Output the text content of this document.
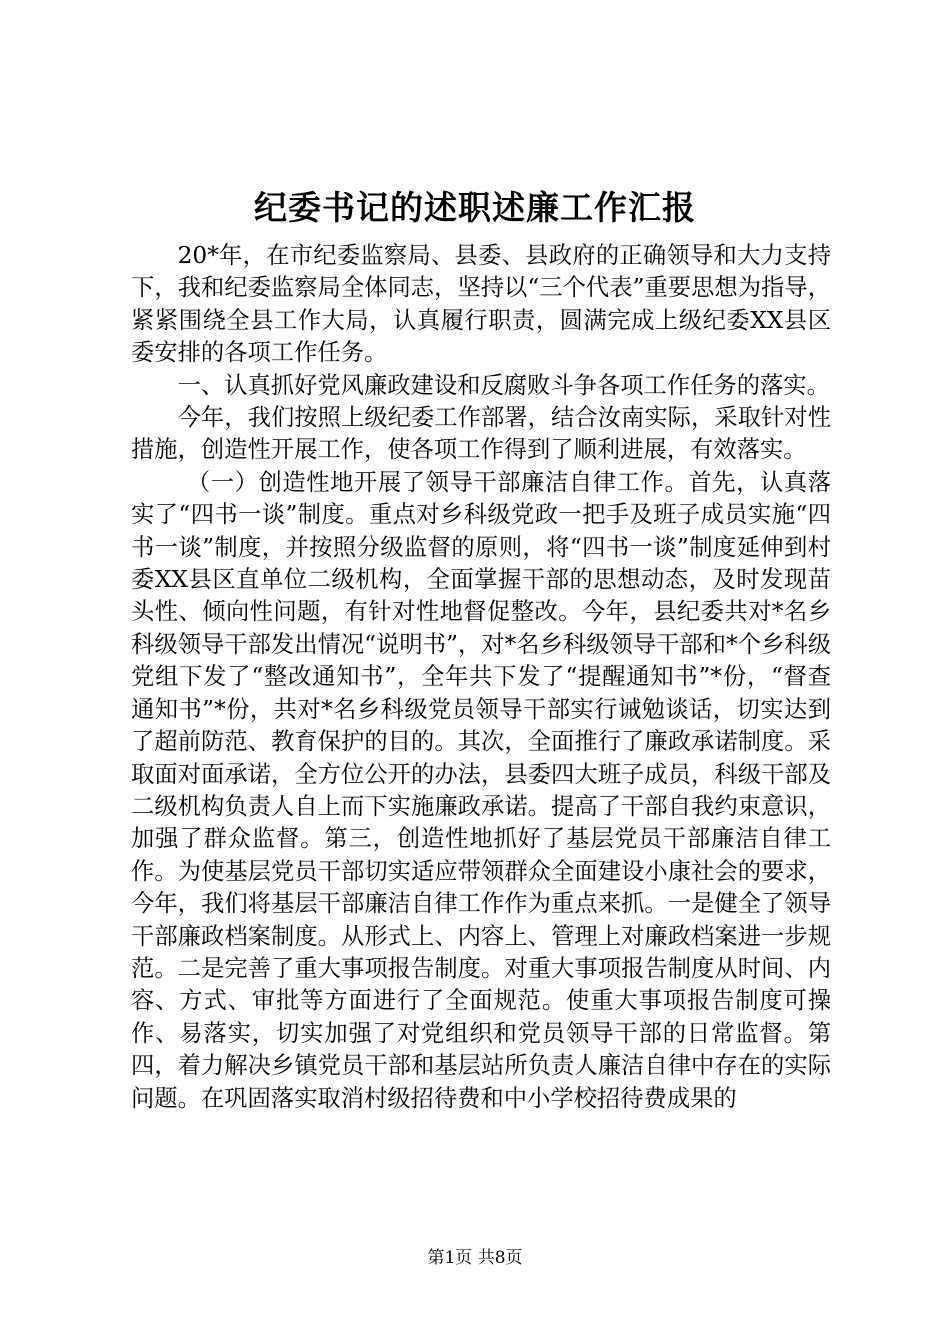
纪委书记的述职述廉工作汇报

20*年，在市纪委监察局、县委、县政府的正确领导和大力支持下，我和纪委监察局全体同志，坚持以“三个代表”重要思想为指导，紧紧围绕全县工作大局，认真履行职责，圆满完成上级纪委XX县区委安排的各项工作任务。

一、认真抓好党风廉政建设和反腐败斗争各项工作任务的落实。

今年，我们按照上级纪委工作部署，结合汝南实际，采取针对性措施，创造性开展工作，使各项工作得到了顺利进展，有效落实。

（一）创造性地开展了领导干部廉洁自律工作。首先，认真落实了“四书一谈”制度。重点对乡科级党政一把手及班子成员实施“四书一谈”制度，并按照分级监督的原则，将“四书一谈”制度延伸到村委XX县区直单位二级机构，全面掌握干部的思想动态，及时发现苗头性、倾向性问题，有针对性地督促整改。今年，县纪委共对*名乡科级领导干部发出情况“说明书”，对*名乡科级领导干部和*个乡科级党组下发了“整改通知书”，全年共下发了“提醒通知书”*份，“督查通知书”*份，共对*名乡科级党员领导干部实行诫勉谈话，切实达到了超前防范、教育保护的目的。其次，全面推行了廉政承诺制度。采取面对面承诺，全方位公开的办法，县委四大班子成员，科级干部及二级机构负责人自上而下实施廉政承诺。提高了干部自我约束意识，加强了群众监督。第三，创造性地抓好了基层党员干部廉洁自律工作。为使基层党员干部切实适应带领群众全面建设小康社会的要求，今年，我们将基层干部廉洁自律工作作为重点来抓。一是健全了领导干部廉政档案制度。从形式上、内容上、管理上对廉政档案进一步规范。二是完善了重大事项报告制度。对重大事项报告制度从时间、内容、方式、审批等方面进行了全面规范。使重大事项报告制度可操作、易落实，切实加强了对党组织和党员领导干部的日常监督。第四，着力解决乡镇党员干部和基层站所负责人廉洁自律中存在的实际问题。在巩固落实取消村级招待费和中小学校招待费成果的

第1页 共8页
